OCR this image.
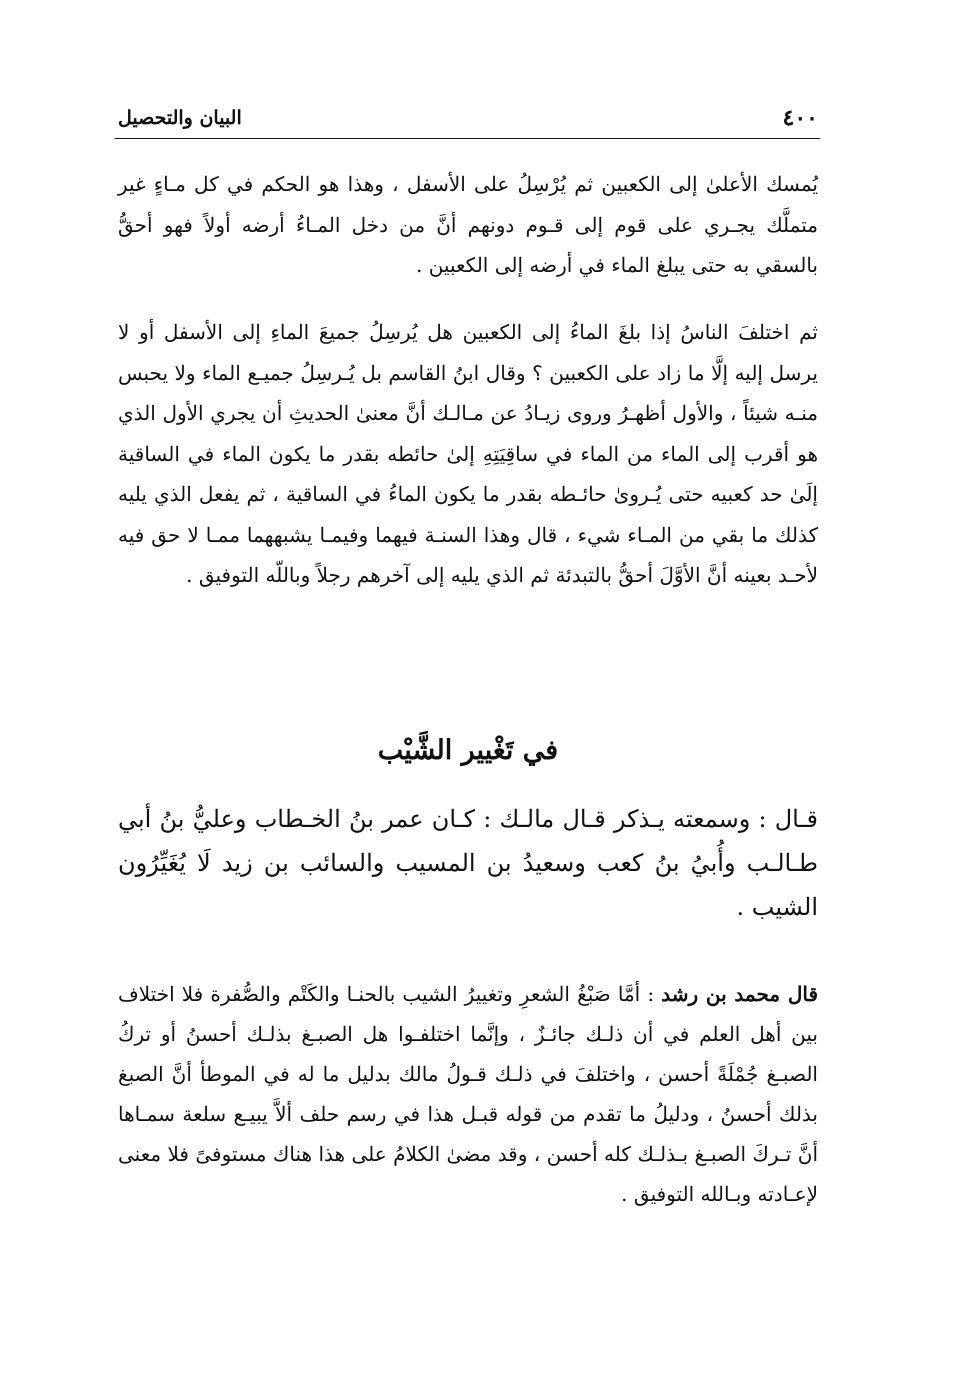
٤٠٠
البيان والتحصيل

يُمسك الأعلىٰ إلى الكعبين ثم يُرْسِلُ على الأسفل ، وهذا هو الحكم في كل مـاءٍ غير متملَّك يجـري على قوم إلى قـوم دونهم أنَّ من دخل المـاءُ أرضه أولاً فهو أحقُّ بالسقي به حتى يبلغ الماء في أرضه إلى الكعبين .

ثم اختلفَ الناسُ إذا بلغَ الماءُ إلى الكعبين هل يُرسِلُ جميعَ الماءِ إلى الأسفل أو لا يرسل إليه إلَّا ما زاد على الكعبين ؟ وقال ابنُ القاسم بل يُـرسِلُ جميـع الماء ولا يحبس منـه شيئاً ، والأول أظهـرُ وروى زيـادُ عن مـالـك أنَّ معنىٰ الحديثِ أن يجري الأول الذي هو أقرب إلى الماء من الماء في ساقِيَتِهِ إلىٰ حائطه بقدر ما يكون الماء في الساقية إلَىٰ حد كعبيه حتى يُـروىٰ حائـطه بقدر ما يكون الماءُ في الساقية ، ثم يفعل الذي يليه كذلك ما بقي من المـاء شيء ، قال وهذا السنـة فيهما وفيمـا يشبههما ممـا لا حق فيه لأحـد بعينه أنَّ الأوَّلَ أحقُّ بالتبدئة ثم الذي يليه إلى آخرهم رجلاً وباللّه التوفيق .

في تَغْيير الشَّيْب

قـال : وسمعته يـذكر قـال مالـك : كـان عمر بنُ الخـطاب وعليُّ بنُ أبي طـالـب وأُبيُ بنُ كعب وسعيدُ بن المسيب والسائب بن زيد لَا يُغَيِّرُون الشيب .

قال محمد بن رشد : أمَّا صَبْغُ الشعرِ وتغييرُ الشيب بالحنـا والكَتْم والصُّفرة فلا اختلاف بين أهل العلم في أن ذلـك جائـزٌ ، وإنَّما اختلفـوا هل الصبـغ بذلـك أحسنُ أو تركُ الصبـغ جُمْلَةً أحسن ، واختلفَ في ذلـك قـولُ مالك بدليل ما له في الموطأ أنَّ الصبغ بذلك أحسنُ ، ودليلُ ما تقدم من قوله قبـل هذا في رسم حلف ألاَّ يبيـع سلعة سمـاها أنَّ تـركَ الصبـغ بـذلـك كله أحسن ، وقد مضىٰ الكلامُ على هذا هناك مستوفىً فلا معنى لإعـادته وبـالله التوفيق .
